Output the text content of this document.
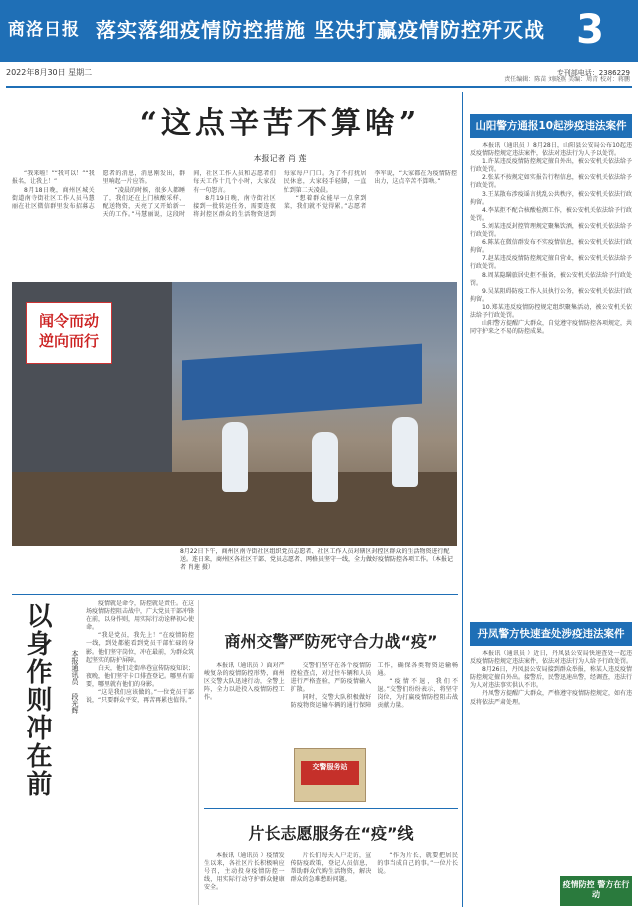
商洛日报 落实落细疫情防控措施 坚决打赢疫情防控歼灭战 3
2022年8月30日 星期二	专刊部电话：2386229
责任编辑：陈苗 刘晓燕 美编：周青 校对：蒋鹏
“这点辛苦不算啥”
本报记者 肖 莲

“我来啦！”“我可以！”“我报名，让我上！”

8月18日晚，商州区城关街道南寺街社区工作人员马慧丽在社区微信群里发布招募志愿者的消息，消息刚发出，群里响起一片应答。

“凌晨的时候，很多人都睡了，我们还在上门核酸采样、配送物资，天亮了又开始新一天的工作。”马慧丽说，这段时间，社区工作人员和志愿者们每天工作十几个小时，大家没有一句怨言。

8月19日晚，南寺街社区接到一批转运任务，需要连夜将封控区群众的生活物资送到每家每户门口。为了不打扰居民休息，大家轻手轻脚，一直忙到第二天凌晨。

“想着群众能早一点拿到菜，我们就不觉得累。”志愿者李军说，“大家都在为疫情防控出力，这点辛苦不算啥。”

闻令而动
逆向而行
8月22日下午，商州区南寺街社区组织党员志愿者、社区工作人员对辖区封控区群众的生活物资进行配送。连日来，商州区各社区干部、党员志愿者、网格员坚守一线，全力做好疫情防控各项工作。（本报记者 肖莲 摄）
山阳警方通报10起涉疫违法案件

本报讯（通讯员 ）8月28日，山阳县公安局公布10起违反疫情防控规定违法案件，依法对违法行为人予以处罚。

1.许某违反疫情防控规定擅自外出，被公安机关依法给予行政处罚。

2.张某不按规定如实报告行程信息，被公安机关依法给予行政处罚。

3.王某散布涉疫谣言扰乱公共秩序，被公安机关依法行政拘留。

4.李某拒不配合核酸检测工作，被公安机关依法给予行政处罚。

5.刘某违反封控管理规定聚集饮酒，被公安机关依法给予行政处罚。

6.陈某在微信群发布不实疫情信息，被公安机关依法行政拘留。

7.赵某违反疫情防控规定擅自营业，被公安机关依法给予行政处罚。

8.周某隐瞒旅居史拒不报备，被公安机关依法给予行政处罚。

9.吴某阻碍防疫工作人员执行公务，被公安机关依法行政拘留。

10.郑某违反疫情防控规定组织聚集活动，被公安机关依法给予行政处罚。

山阳警方提醒广大群众，自觉遵守疫情防控各项规定，共同守护来之不易的防控成果。

丹凤警方快速查处涉疫违法案件

本报讯（通讯员 ）近日，丹凤县公安局快速查处一起违反疫情防控规定违法案件，依法对违法行为人给予行政处罚。

8月26日，丹凤县公安局接到群众举报，称某人违反疫情防控规定擅自外出。接警后，民警迅速出警，经调查，违法行为人对违法事实供认不讳。

丹凤警方提醒广大群众，严格遵守疫情防控规定，如有违反将依法严肃处理。

疫情防控 警方在行动
以身作则冲在前	本报通讯员 段光辉

疫情就是命令，防控就是责任。在这场疫情防控阻击战中，广大党员干部冲锋在前，以身作则，用实际行动诠释初心使命。

“我是党员，我先上！”在疫情防控一线，到处都能看到党员干部忙碌的身影。他们坚守岗位，冲在最前，为群众筑起坚实的防护屏障。

白天，他们走街串巷宣传防疫知识；夜晚，他们坚守卡口排查登记。哪里有需要，哪里就有他们的身影。

“这是我们应该做的。”一位党员干部说，“只要群众平安，再苦再累也值得。”

商州交警严防死守合力战“疫”

本报讯（通讯员 ）面对严峻复杂的疫情防控形势，商州区交警大队迅速行动，全警上阵，全力以赴投入疫情防控工作。

交警们坚守在各个疫情防控检查点，对过往车辆和人员进行严格查验，严防疫情输入扩散。

同时，交警大队积极做好防疫物资运输车辆的通行保障工作，确保各类物资运输畅通。

“疫情不退，我们不退。”交警们纷纷表示，将坚守岗位，为打赢疫情防控阻击战贡献力量。

交警服务站
片长志愿服务在“疫”线

本报讯（通讯员 ）疫情发生以来，各社区片长积极响应号召，主动投身疫情防控一线，用实际行动守护群众健康安全。

片长们每天入户走访，宣传防疫政策，登记人员信息，帮助群众代购生活物资，解决群众的急难愁盼问题。

“作为片长，就要把居民的事当成自己的事。”一位片长说。
